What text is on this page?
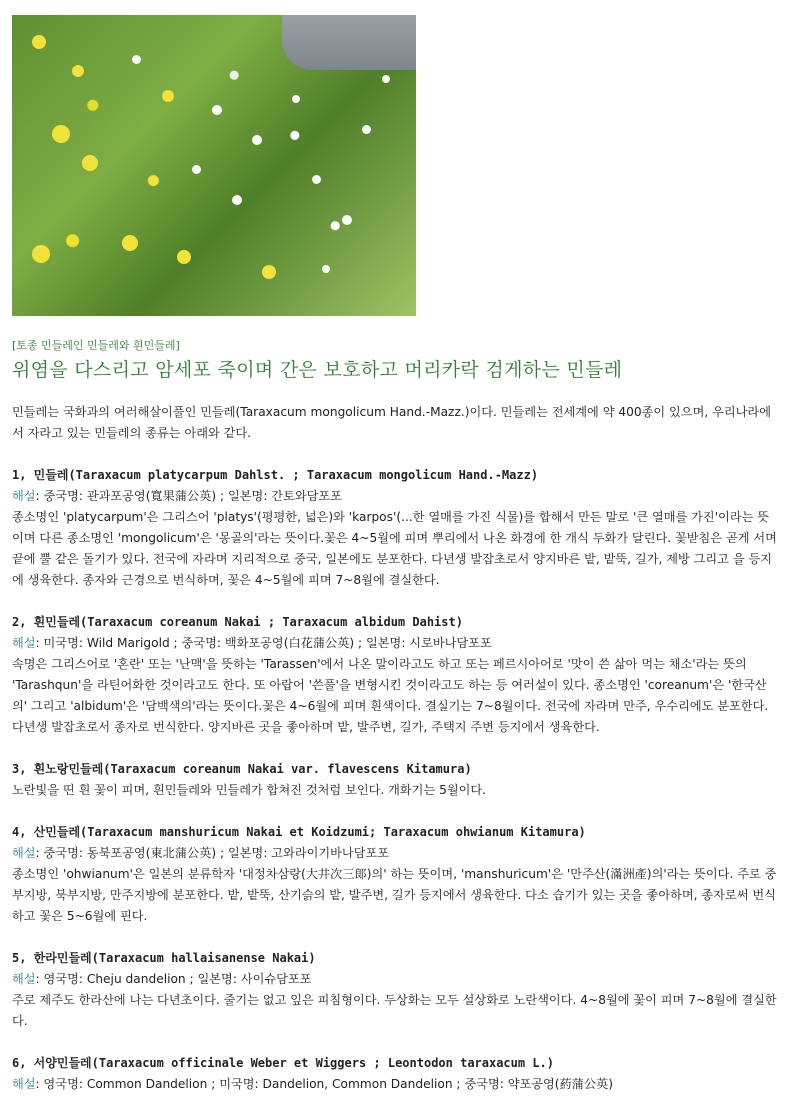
[토종 민들레인 민들레와 흰민들레]
위염을 다스리고 암세포 죽이며 간은 보호하고 머리카락 검게하는 민들레

민들레는 국화과의 여러해살이풀인 민들레(Taraxacum mongolicum Hand.-Mazz.)이다. 민들레는 전세계에 약 400종이 있으며, 우리나라에서 자라고 있는 민들레의 종류는 아래와 같다.

1, 민들레(Taraxacum platycarpum Dahlst. ; Taraxacum mongolicum Hand.-Mazz)

해설: 중국명: 관과포공영(寬果蒲公英) ; 일본명: 간토와담포포

종소명인 'platycarpum'은 그리스어 'platys'(평평한, 넓은)와 'karpos'(...한 열매를 가진 식물)를 합해서 만든 말로 '큰 열매를 가진'이라는 뜻이며 다른 종소명인 'mongolicum'은 '몽골의'라는 뜻이다.꽃은 4~5월에 피며 뿌리에서 나온 화경에 한 개식 두화가 달린다. 꽃받침은 곧게 서며 끝에 뿔 같은 돌기가 있다. 전국에 자라며 지리적으로 중국, 일본에도 분포한다. 다년생 발잡초로서 양지바른 밭, 밭뚝, 길가, 제방 그리고 을 등지에 생육한다. 종자와 근경으로 번식하며, 꽃은 4~5월에 피며 7~8월에 결실한다.

2, 흰민들레(Taraxacum coreanum Nakai ; Taraxacum albidum Dahist)

해설: 미국명: Wild Marigold ; 중국명: 백화포공영(白花蒲公英) ; 일본명: 시로바나담포포

속명은 그리스어로 '혼란' 또는 '난맥'을 뜻하는 'Tarassen'에서 나온 말이라고도 하고 또는 페르시아어로 '맛이 쓴 삶아 먹는 채소'라는 뜻의 'Tarashqun'을 라틴어화한 것이라고도 한다. 또 아랍어 '쓴풀'을 변형시킨 것이라고도 하는 등 여러설이 있다. 종소명인 'coreanum'은 '한국산의' 그리고 'albidum'은 '담백색의'라는 뜻이다.꽃은 4~6월에 피며 흰색이다. 결실기는 7~8월이다. 전국에 자라며 만주, 우수리에도 분포한다. 다년생 발잡초로서 종자로 번식한다. 양지바른 곳을 좋아하며 밭, 발주변, 길가, 주택지 주변 등지에서 생육한다.

3, 흰노랑민들레(Taraxacum coreanum Nakai var. flavescens Kitamura)

노란빛을 띤 흰 꽃이 피며, 흰민들레와 민들레가 합쳐진 것처럼 보인다. 개화기는 5월이다.

4, 산민들레(Taraxacum manshuricum Nakai et Koidzumi; Taraxacum ohwianum Kitamura)

해설: 중국명: 동북포공영(東北蒲公英) ; 일본명: 고와라이기바나담포포

종소명인 'ohwianum'은 일본의 분류학자 '대정차삼랑(大井次三郞)의' 하는 뜻이며, 'manshuricum'은 '만주산(滿洲產)의'라는 뜻이다. 주로 중부지방, 북부지방, 만주지방에 분포한다. 밭, 밭뚝, 산기슭의 밭, 발주변, 길가 등지에서 생육한다. 다소 습기가 있는 곳을 좋아하며, 종자로써 번식하고 꽃은 5~6월에 핀다.

5, 한라민들레(Taraxacum hallaisanense Nakai)

해설: 영국명: Cheju dandelion ; 일본명: 사이슈담포포

주로 제주도 한라산에 나는 다년초이다. 줄기는 없고 잎은 피침형이다. 두상화는 모두 설상화로 노란색이다. 4~8월에 꽃이 피며 7~8월에 결실한다.

6, 서양민들레(Taraxacum officinale Weber et Wiggers ; Leontodon taraxacum L.)

해설: 영국명: Common Dandelion ; 미국명: Dandelion, Common Dandelion ; 중국명: 약포공영(葯蒲公英)
